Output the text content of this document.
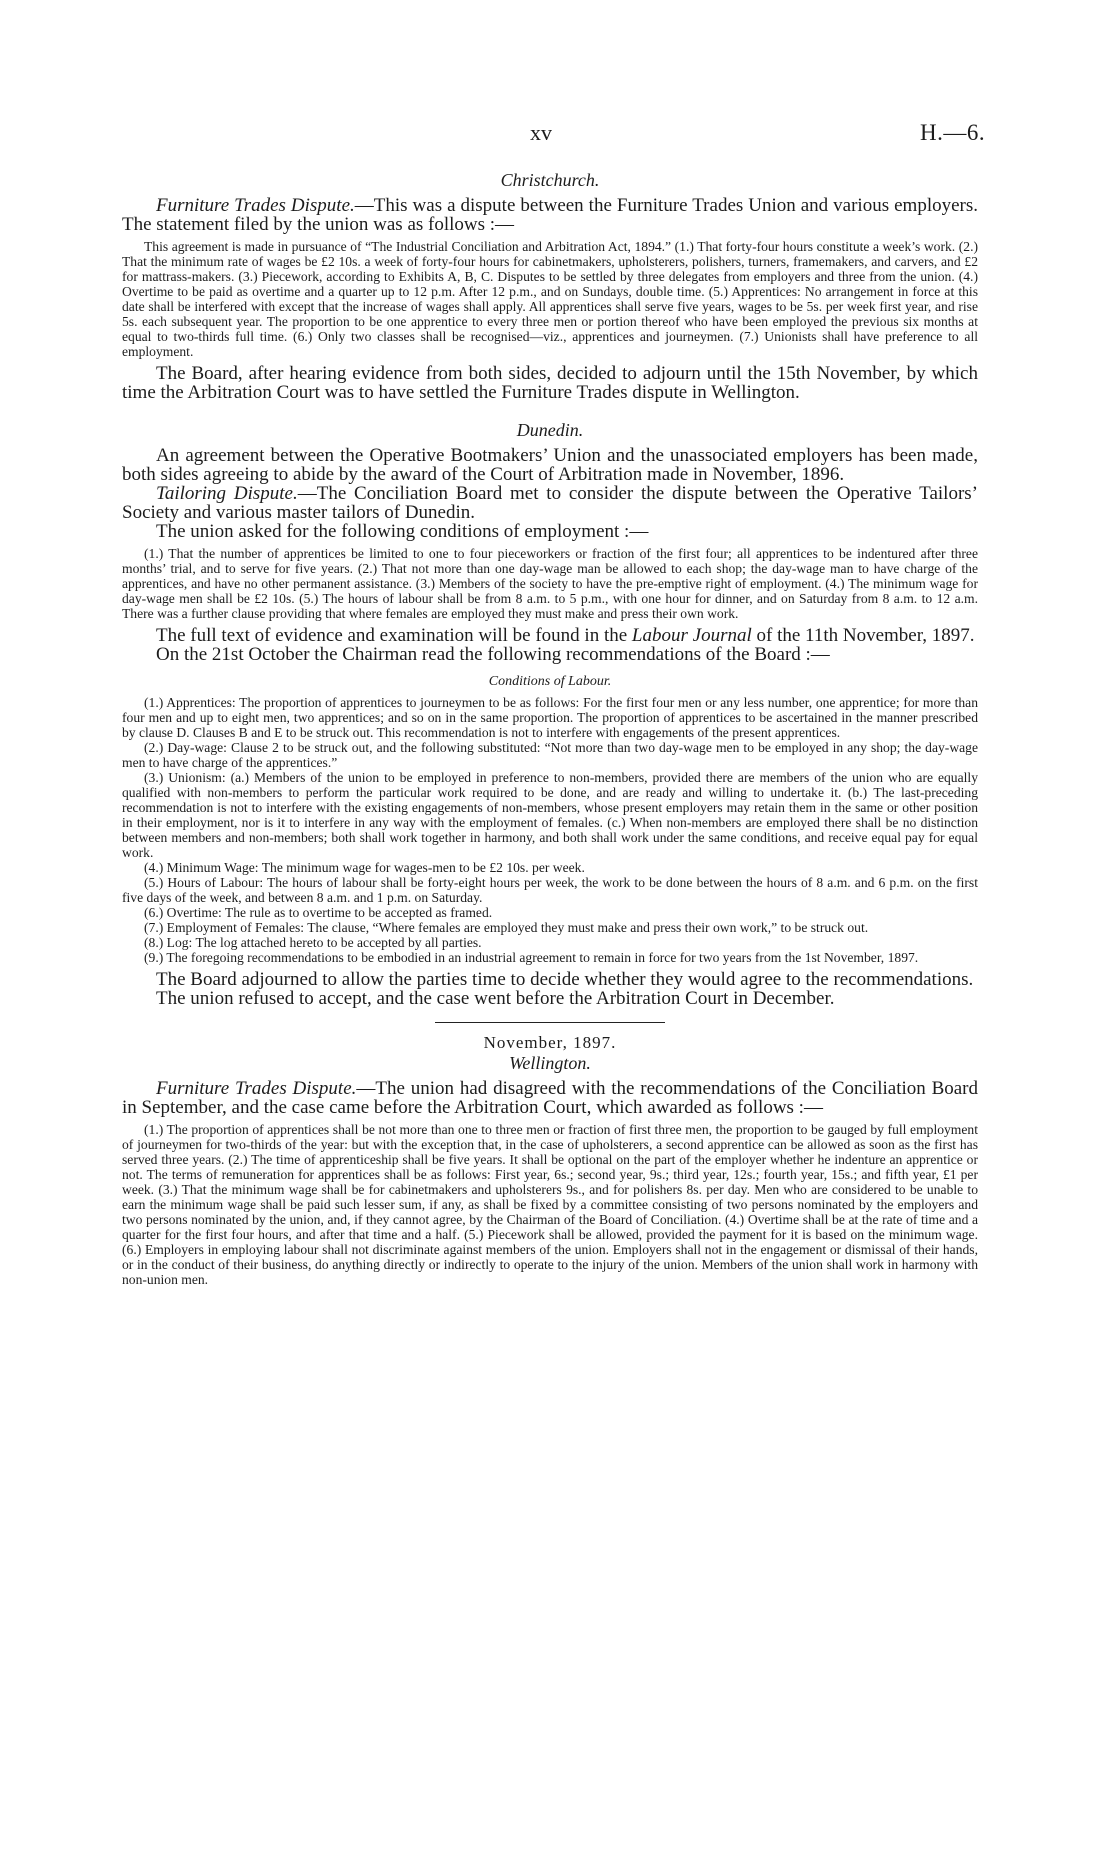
xv	H.—6.

Christchurch.

Furniture Trades Dispute.—This was a dispute between the Furniture Trades Union and various employers. The statement filed by the union was as follows :—

This agreement is made in pursuance of “The Industrial Conciliation and Arbitration Act, 1894.” (1.) That forty-four hours constitute a week’s work. (2.) That the minimum rate of wages be £2 10s. a week of forty-four hours for cabinetmakers, upholsterers, polishers, turners, framemakers, and carvers, and £2 for mattrass-makers. (3.) Piecework, according to Exhibits A, B, C. Disputes to be settled by three delegates from employers and three from the union. (4.) Overtime to be paid as overtime and a quarter up to 12 p.m. After 12 p.m., and on Sundays, double time. (5.) Apprentices: No arrangement in force at this date shall be interfered with except that the increase of wages shall apply. All apprentices shall serve five years, wages to be 5s. per week first year, and rise 5s. each subsequent year. The proportion to be one apprentice to every three men or portion thereof who have been employed the previous six months at equal to two-thirds full time. (6.) Only two classes shall be recognised—viz., apprentices and journeymen. (7.) Unionists shall have preference to all employment.

The Board, after hearing evidence from both sides, decided to adjourn until the 15th November, by which time the Arbitration Court was to have settled the Furniture Trades dispute in Wellington.

Dunedin.

An agreement between the Operative Bootmakers’ Union and the unassociated employers has been made, both sides agreeing to abide by the award of the Court of Arbitration made in November, 1896.

Tailoring Dispute.—The Conciliation Board met to consider the dispute between the Operative Tailors’ Society and various master tailors of Dunedin.

The union asked for the following conditions of employment :—

(1.) That the number of apprentices be limited to one to four pieceworkers or fraction of the first four; all apprentices to be indentured after three months’ trial, and to serve for five years. (2.) That not more than one day-wage man be allowed to each shop; the day-wage man to have charge of the apprentices, and have no other permanent assistance. (3.) Members of the society to have the pre-emptive right of employment. (4.) The minimum wage for day-wage men shall be £2 10s. (5.) The hours of labour shall be from 8 a.m. to 5 p.m., with one hour for dinner, and on Saturday from 8 a.m. to 12 a.m. There was a further clause providing that where females are employed they must make and press their own work.

The full text of evidence and examination will be found in the Labour Journal of the 11th November, 1897.

On the 21st October the Chairman read the following recommendations of the Board :—

Conditions of Labour.

(1.) Apprentices: The proportion of apprentices to journeymen to be as follows: For the first four men or any less number, one apprentice; for more than four men and up to eight men, two apprentices; and so on in the same proportion. The proportion of apprentices to be ascertained in the manner prescribed by clause D. Clauses B and E to be struck out. This recommendation is not to interfere with engagements of the present apprentices.

(2.) Day-wage: Clause 2 to be struck out, and the following substituted: “Not more than two day-wage men to be employed in any shop; the day-wage men to have charge of the apprentices.”

(3.) Unionism: (a.) Members of the union to be employed in preference to non-members, provided there are members of the union who are equally qualified with non-members to perform the particular work required to be done, and are ready and willing to undertake it. (b.) The last-preceding recommendation is not to interfere with the existing engagements of non-members, whose present employers may retain them in the same or other position in their employment, nor is it to interfere in any way with the employment of females. (c.) When non-members are employed there shall be no distinction between members and non-members; both shall work together in harmony, and both shall work under the same conditions, and receive equal pay for equal work.

(4.) Minimum Wage: The minimum wage for wages-men to be £2 10s. per week.

(5.) Hours of Labour: The hours of labour shall be forty-eight hours per week, the work to be done between the hours of 8 a.m. and 6 p.m. on the first five days of the week, and between 8 a.m. and 1 p.m. on Saturday.

(6.) Overtime: The rule as to overtime to be accepted as framed.

(7.) Employment of Females: The clause, “Where females are employed they must make and press their own work,” to be struck out.

(8.) Log: The log attached hereto to be accepted by all parties.

(9.) The foregoing recommendations to be embodied in an industrial agreement to remain in force for two years from the 1st November, 1897.

The Board adjourned to allow the parties time to decide whether they would agree to the recommendations.

The union refused to accept, and the case went before the Arbitration Court in December.

November, 1897.

Wellington.

Furniture Trades Dispute.—The union had disagreed with the recommendations of the Conciliation Board in September, and the case came before the Arbitration Court, which awarded as follows :—

(1.) The proportion of apprentices shall be not more than one to three men or fraction of first three men, the proportion to be gauged by full employment of journeymen for two-thirds of the year: but with the exception that, in the case of upholsterers, a second apprentice can be allowed as soon as the first has served three years. (2.) The time of apprenticeship shall be five years. It shall be optional on the part of the employer whether he indenture an apprentice or not. The terms of remuneration for apprentices shall be as follows: First year, 6s.; second year, 9s.; third year, 12s.; fourth year, 15s.; and fifth year, £1 per week. (3.) That the minimum wage shall be for cabinetmakers and upholsterers 9s., and for polishers 8s. per day. Men who are considered to be unable to earn the minimum wage shall be paid such lesser sum, if any, as shall be fixed by a committee consisting of two persons nominated by the employers and two persons nominated by the union, and, if they cannot agree, by the Chairman of the Board of Conciliation. (4.) Overtime shall be at the rate of time and a quarter for the first four hours, and after that time and a half. (5.) Piecework shall be allowed, provided the payment for it is based on the minimum wage. (6.) Employers in employing labour shall not discriminate against members of the union. Employers shall not in the engagement or dismissal of their hands, or in the conduct of their business, do anything directly or indirectly to operate to the injury of the union. Members of the union shall work in harmony with non-union men.
